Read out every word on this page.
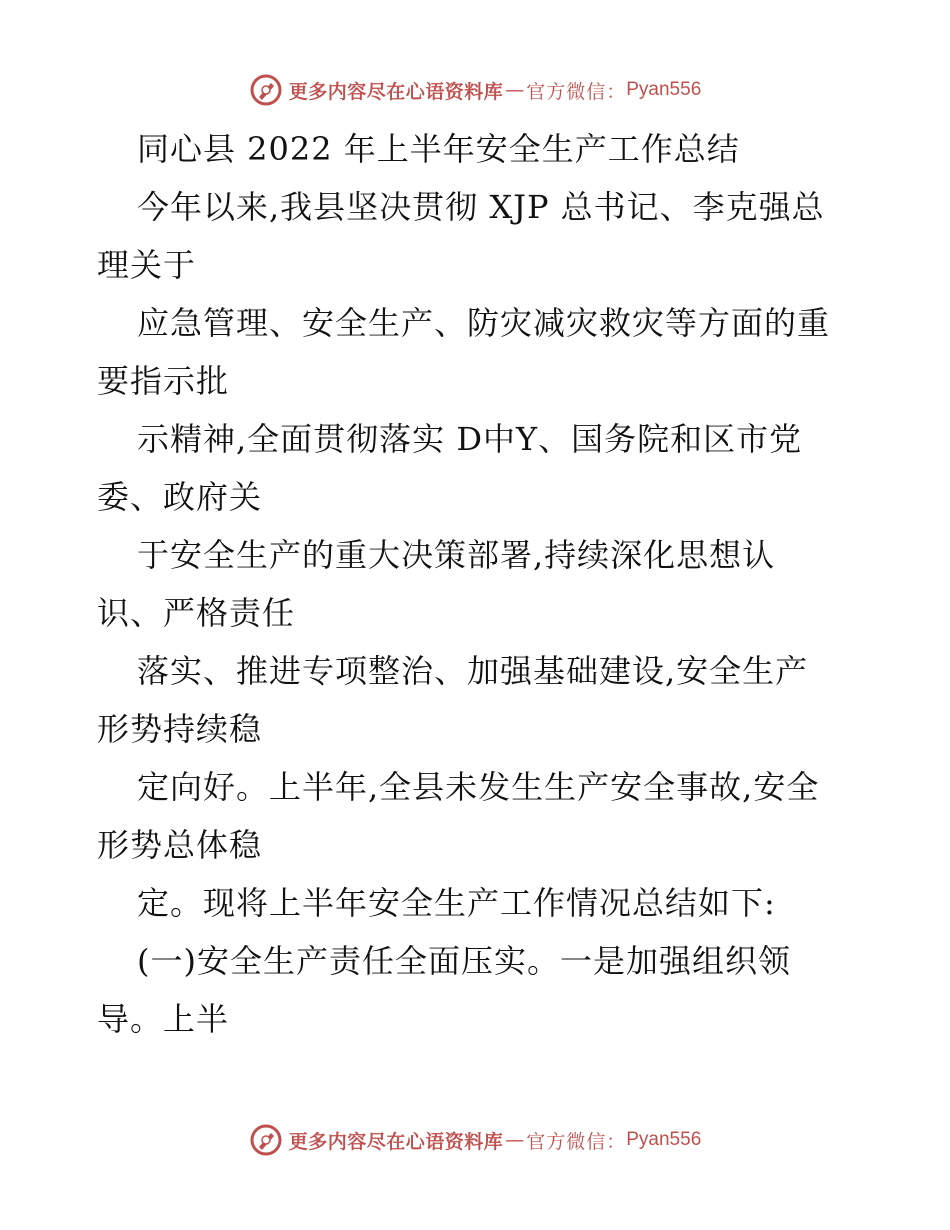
更多内容尽在心语资料库 — 官方微信： Pyan556
同心县 2022 年上半年安全生产工作总结
今年以来,我县坚决贯彻 XJP 总书记、李克强总
理关于
应急管理、安全生产、防灾减灾救灾等方面的重
要指示批
示精神,全面贯彻落实 D中Y、国务院和区市党
委、政府关
于安全生产的重大决策部署,持续深化思想认
识、严格责任
落实、推进专项整治、加强基础建设,安全生产
形势持续稳
定向好。上半年,全县未发生生产安全事故,安全
形势总体稳
定。现将上半年安全生产工作情况总结如下:
(一)安全生产责任全面压实。一是加强组织领
导。上半
更多内容尽在心语资料库 — 官方微信： Pyan556
